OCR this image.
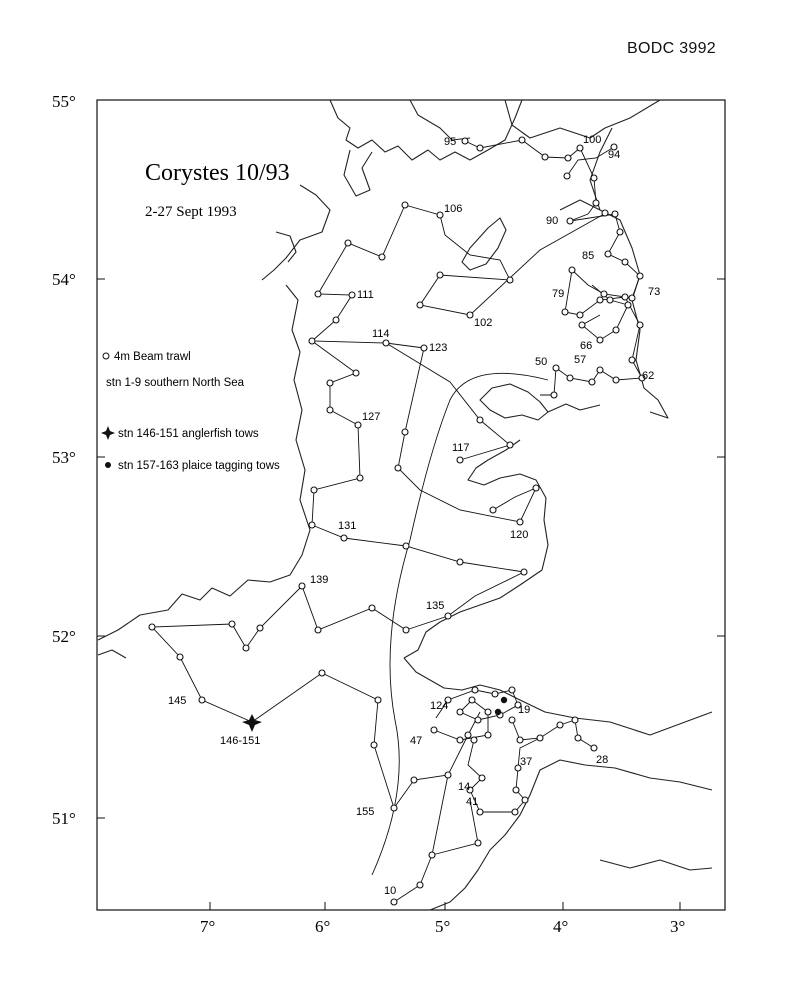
BODC 3992
55°
54°
53°
52°
51°
7°	6°	5°	4°	3°
95	100
94
106
90
85
111
102
79	73
114
123	66
50 57
62
127
117
120
131
139
135
145
146-151
124	19
47
28
37
14
41
155
10
Corystes 10/93
2-27 Sept 1993
4m Beam trawl
stn 1-9 southern North Sea
stn 146-151 anglerfish tows
stn 157-163 plaice tagging tows
